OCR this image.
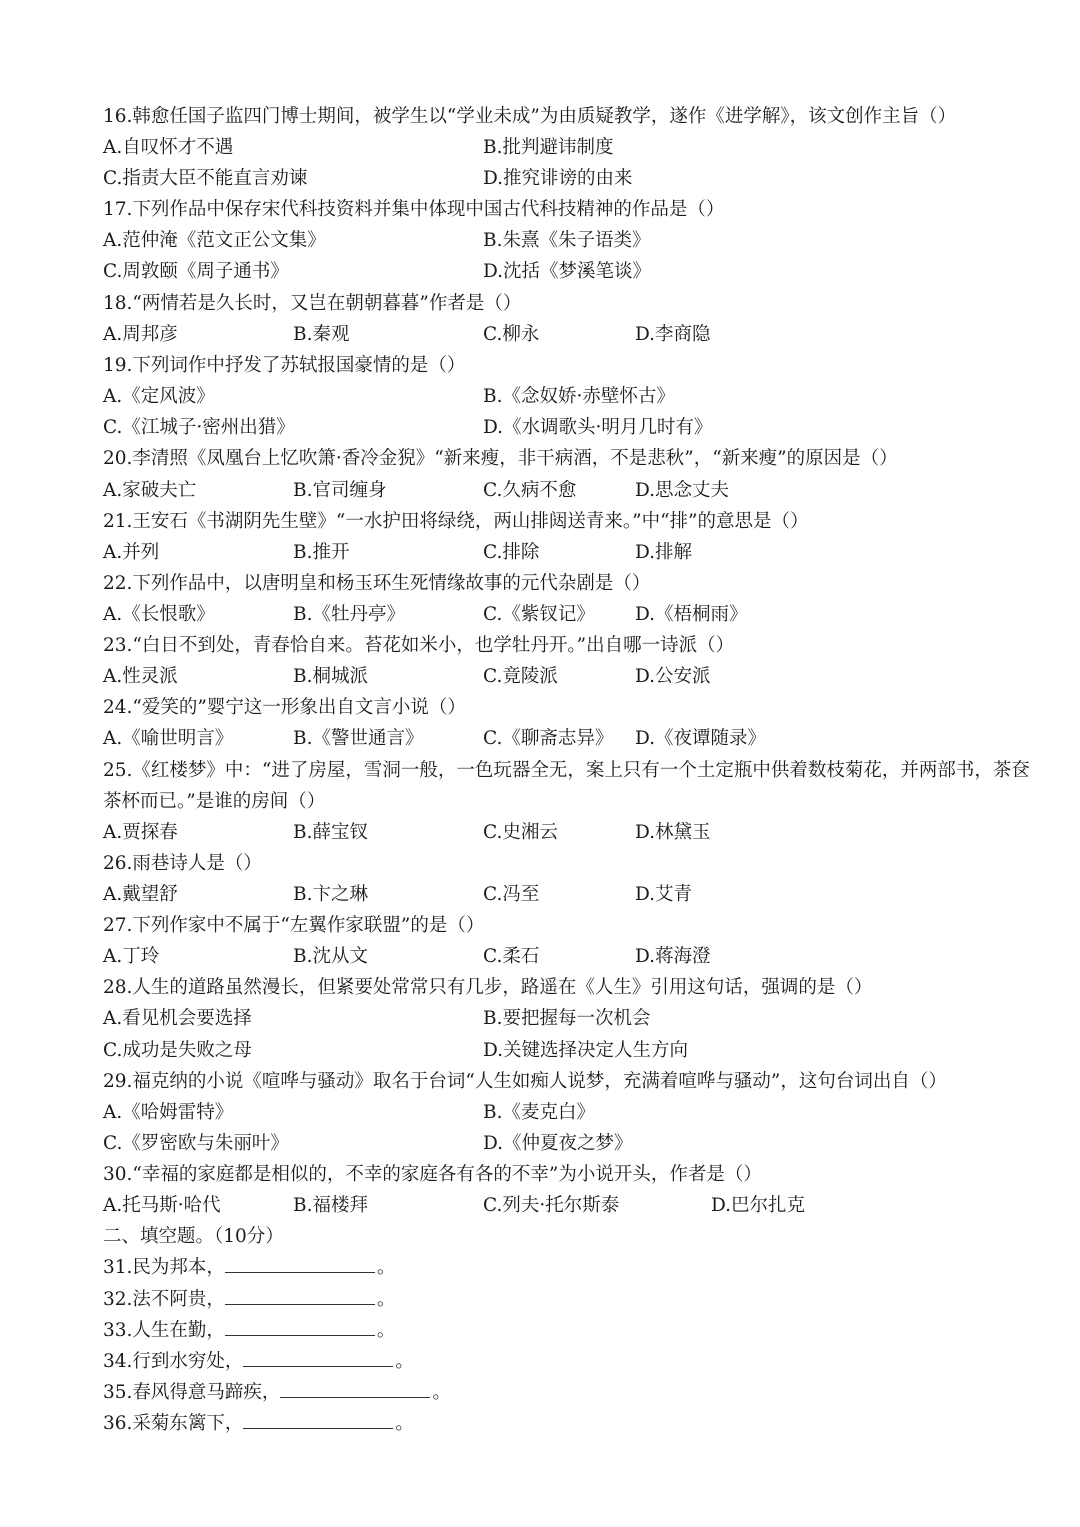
16.韩愈任国子监四门博士期间，被学生以“学业未成”为由质疑教学，遂作《进学解》，该文创作主旨（）
A.自叹怀才不遇	B.批判避讳制度
C.指责大臣不能直言劝谏	D.推究诽谤的由来
17.下列作品中保存宋代科技资料并集中体现中国古代科技精神的作品是（）
A.范仲淹《范文正公文集》	B.朱熹《朱子语类》
C.周敦颐《周子通书》	D.沈括《梦溪笔谈》
18.“两情若是久长时，又岂在朝朝暮暮”作者是（）
A.周邦彦	B.秦观	C.柳永	D.李商隐
19.下列词作中抒发了苏轼报国豪情的是（）
A.《定风波》	B.《念奴娇·赤壁怀古》
C.《江城子·密州出猎》	D.《水调歌头·明月几时有》
20.李清照《凤凰台上忆吹箫·香冷金猊》“新来瘦，非干病酒，不是悲秋”，“新来瘦”的原因是（）
A.家破夫亡	B.官司缠身	C.久病不愈	D.思念丈夫
21.王安石《书湖阴先生壁》“一水护田将绿绕，两山排闼送青来。”中“排”的意思是（）
A.并列	B.推开	C.排除	D.排解
22.下列作品中，以唐明皇和杨玉环生死情缘故事的元代杂剧是（）
A.《长恨歌》	B.《牡丹亭》	C.《紫钗记》 D.《梧桐雨》
23.“白日不到处，青春恰自来。苔花如米小，也学牡丹开。”出自哪一诗派（）
A.性灵派	B.桐城派	C.竟陵派	D.公安派
24.“爱笑的”婴宁这一形象出自文言小说（）
A.《喻世明言》	B.《警世通言》	C.《聊斋志异》 D.《夜谭随录》
25.《红楼梦》中：“进了房屋，雪洞一般，一色玩器全无，案上只有一个土定瓶中供着数枝菊花，并两部书，茶奁茶杯而已。”是谁的房间（）
A.贾探春	B.薛宝钗	C.史湘云	D.林黛玉
26.雨巷诗人是（）
A.戴望舒	B.卞之琳	C.冯至	D.艾青
27.下列作家中不属于“左翼作家联盟”的是（）
A.丁玲	B.沈从文	C.柔石	D.蒋海澄
28.人生的道路虽然漫长，但紧要处常常只有几步，路遥在《人生》引用这句话，强调的是（）
A.看见机会要选择	B.要把握每一次机会
C.成功是失败之母	D.关键选择决定人生方向
29.福克纳的小说《喧哗与骚动》取名于台词“人生如痴人说梦，充满着喧哗与骚动”，这句台词出自（）
A.《哈姆雷特》	B.《麦克白》
C.《罗密欧与朱丽叶》	D.《仲夏夜之梦》
30.“幸福的家庭都是相似的，不幸的家庭各有各的不幸”为小说开头，作者是（）
A.托马斯·哈代	B.福楼拜	C.列夫·托尔斯泰	D.巴尔扎克
二、填空题。（10分）
31.民为邦本，	。
32.法不阿贵，	。
33.人生在勤，	。
34.行到水穷处，	。
35.春风得意马蹄疾，	。
36.采菊东篱下，	。
